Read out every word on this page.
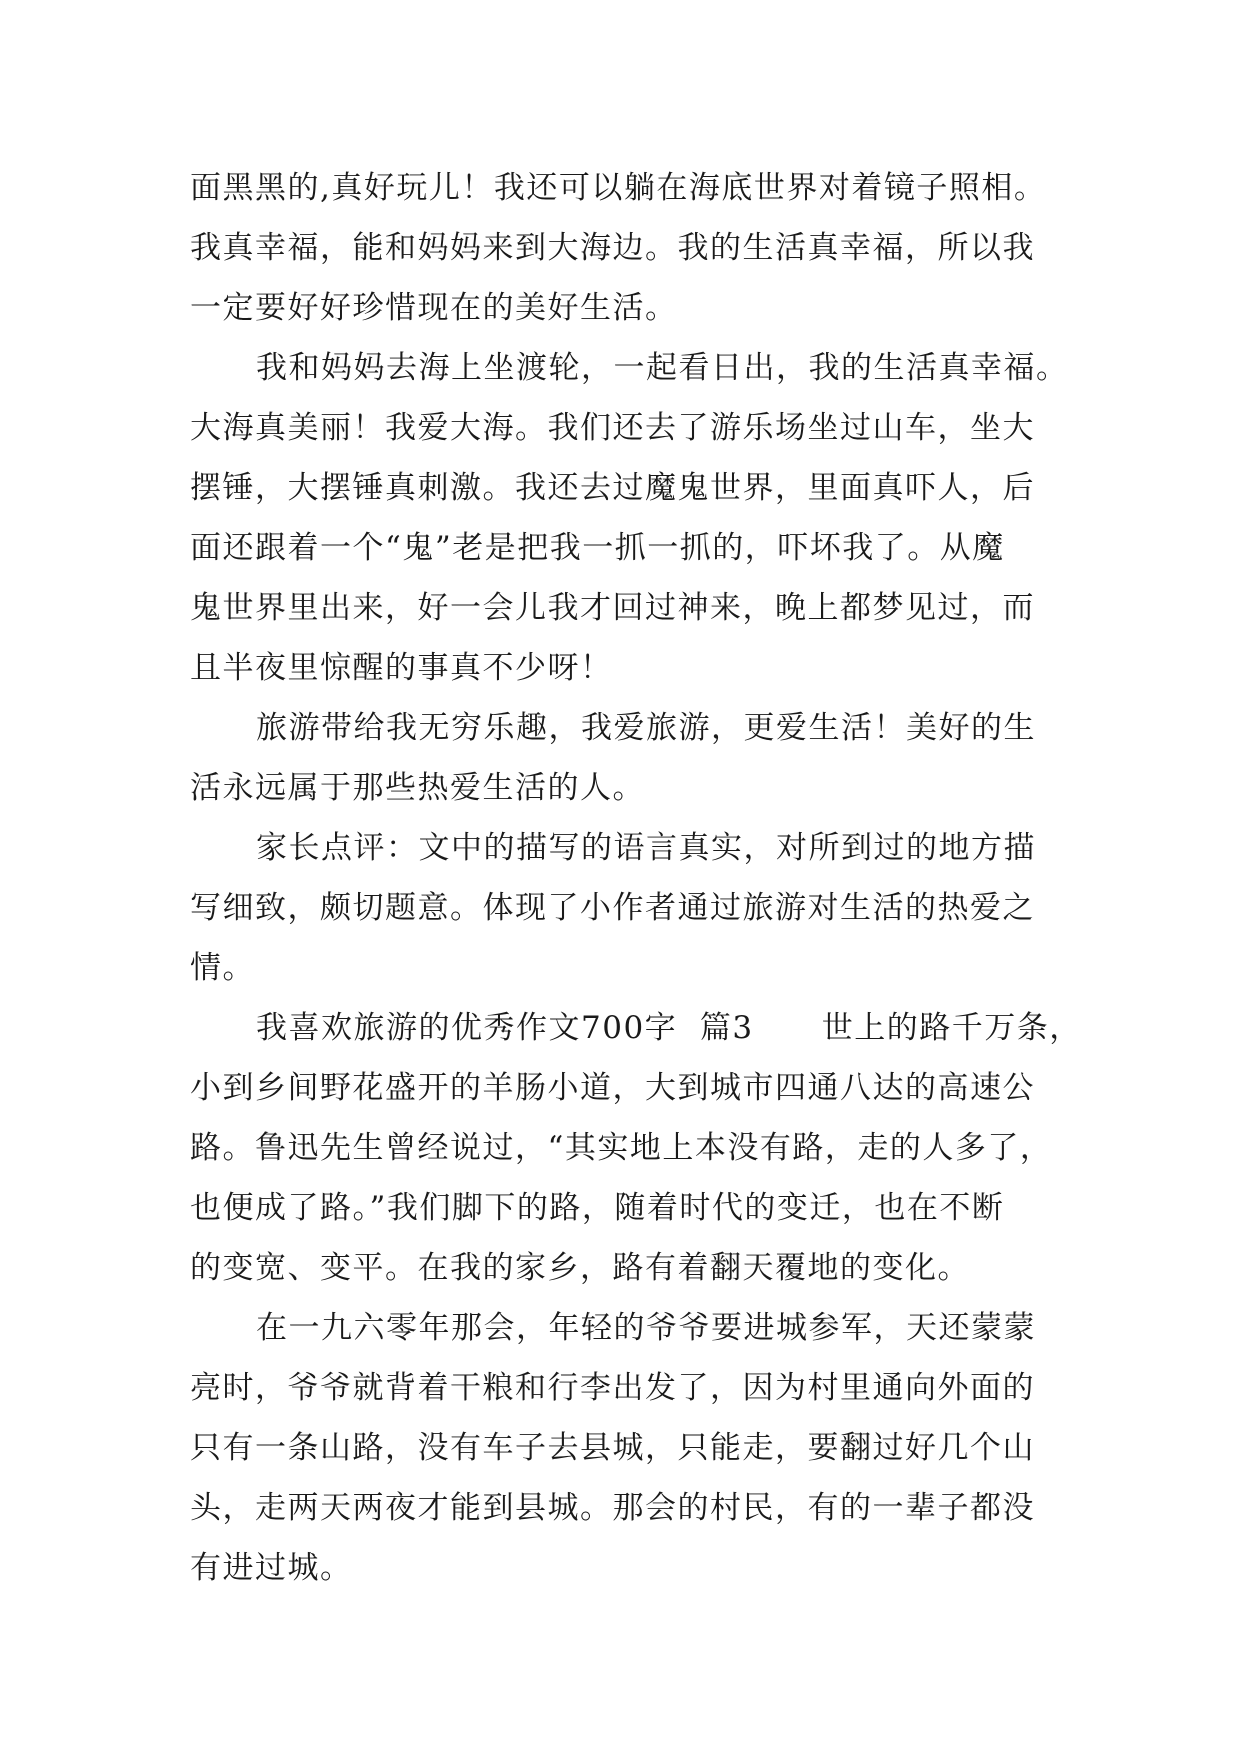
面黑黑的,真好玩儿！我还可以躺在海底世界对着镜子照相。
我真幸福，能和妈妈来到大海边。我的生活真幸福，所以我
一定要好好珍惜现在的美好生活。
我和妈妈去海上坐渡轮，一起看日出，我的生活真幸福。
大海真美丽！我爱大海。我们还去了游乐场坐过山车，坐大
摆锤，大摆锤真刺激。我还去过魔鬼世界，里面真吓人，后
面还跟着一个“鬼”老是把我一抓一抓的，吓坏我了。从魔
鬼世界里出来，好一会儿我才回过神来，晚上都梦见过，而
且半夜里惊醒的事真不少呀！
旅游带给我无穷乐趣，我爱旅游，更爱生活！美好的生
活永远属于那些热爱生活的人。
家长点评：文中的描写的语言真实，对所到过的地方描
写细致，颇切题意。体现了小作者通过旅游对生活的热爱之
情。
我喜欢旅游的优秀作文700字  篇3      世上的路千万条，
小到乡间野花盛开的羊肠小道，大到城市四通八达的高速公
路。鲁迅先生曾经说过，“其实地上本没有路，走的人多了，
也便成了路。”我们脚下的路，随着时代的变迁，也在不断
的变宽、变平。在我的家乡，路有着翻天覆地的变化。
在一九六零年那会，年轻的爷爷要进城参军，天还蒙蒙
亮时，爷爷就背着干粮和行李出发了，因为村里通向外面的
只有一条山路，没有车子去县城，只能走，要翻过好几个山
头，走两天两夜才能到县城。那会的村民，有的一辈子都没
有进过城。
